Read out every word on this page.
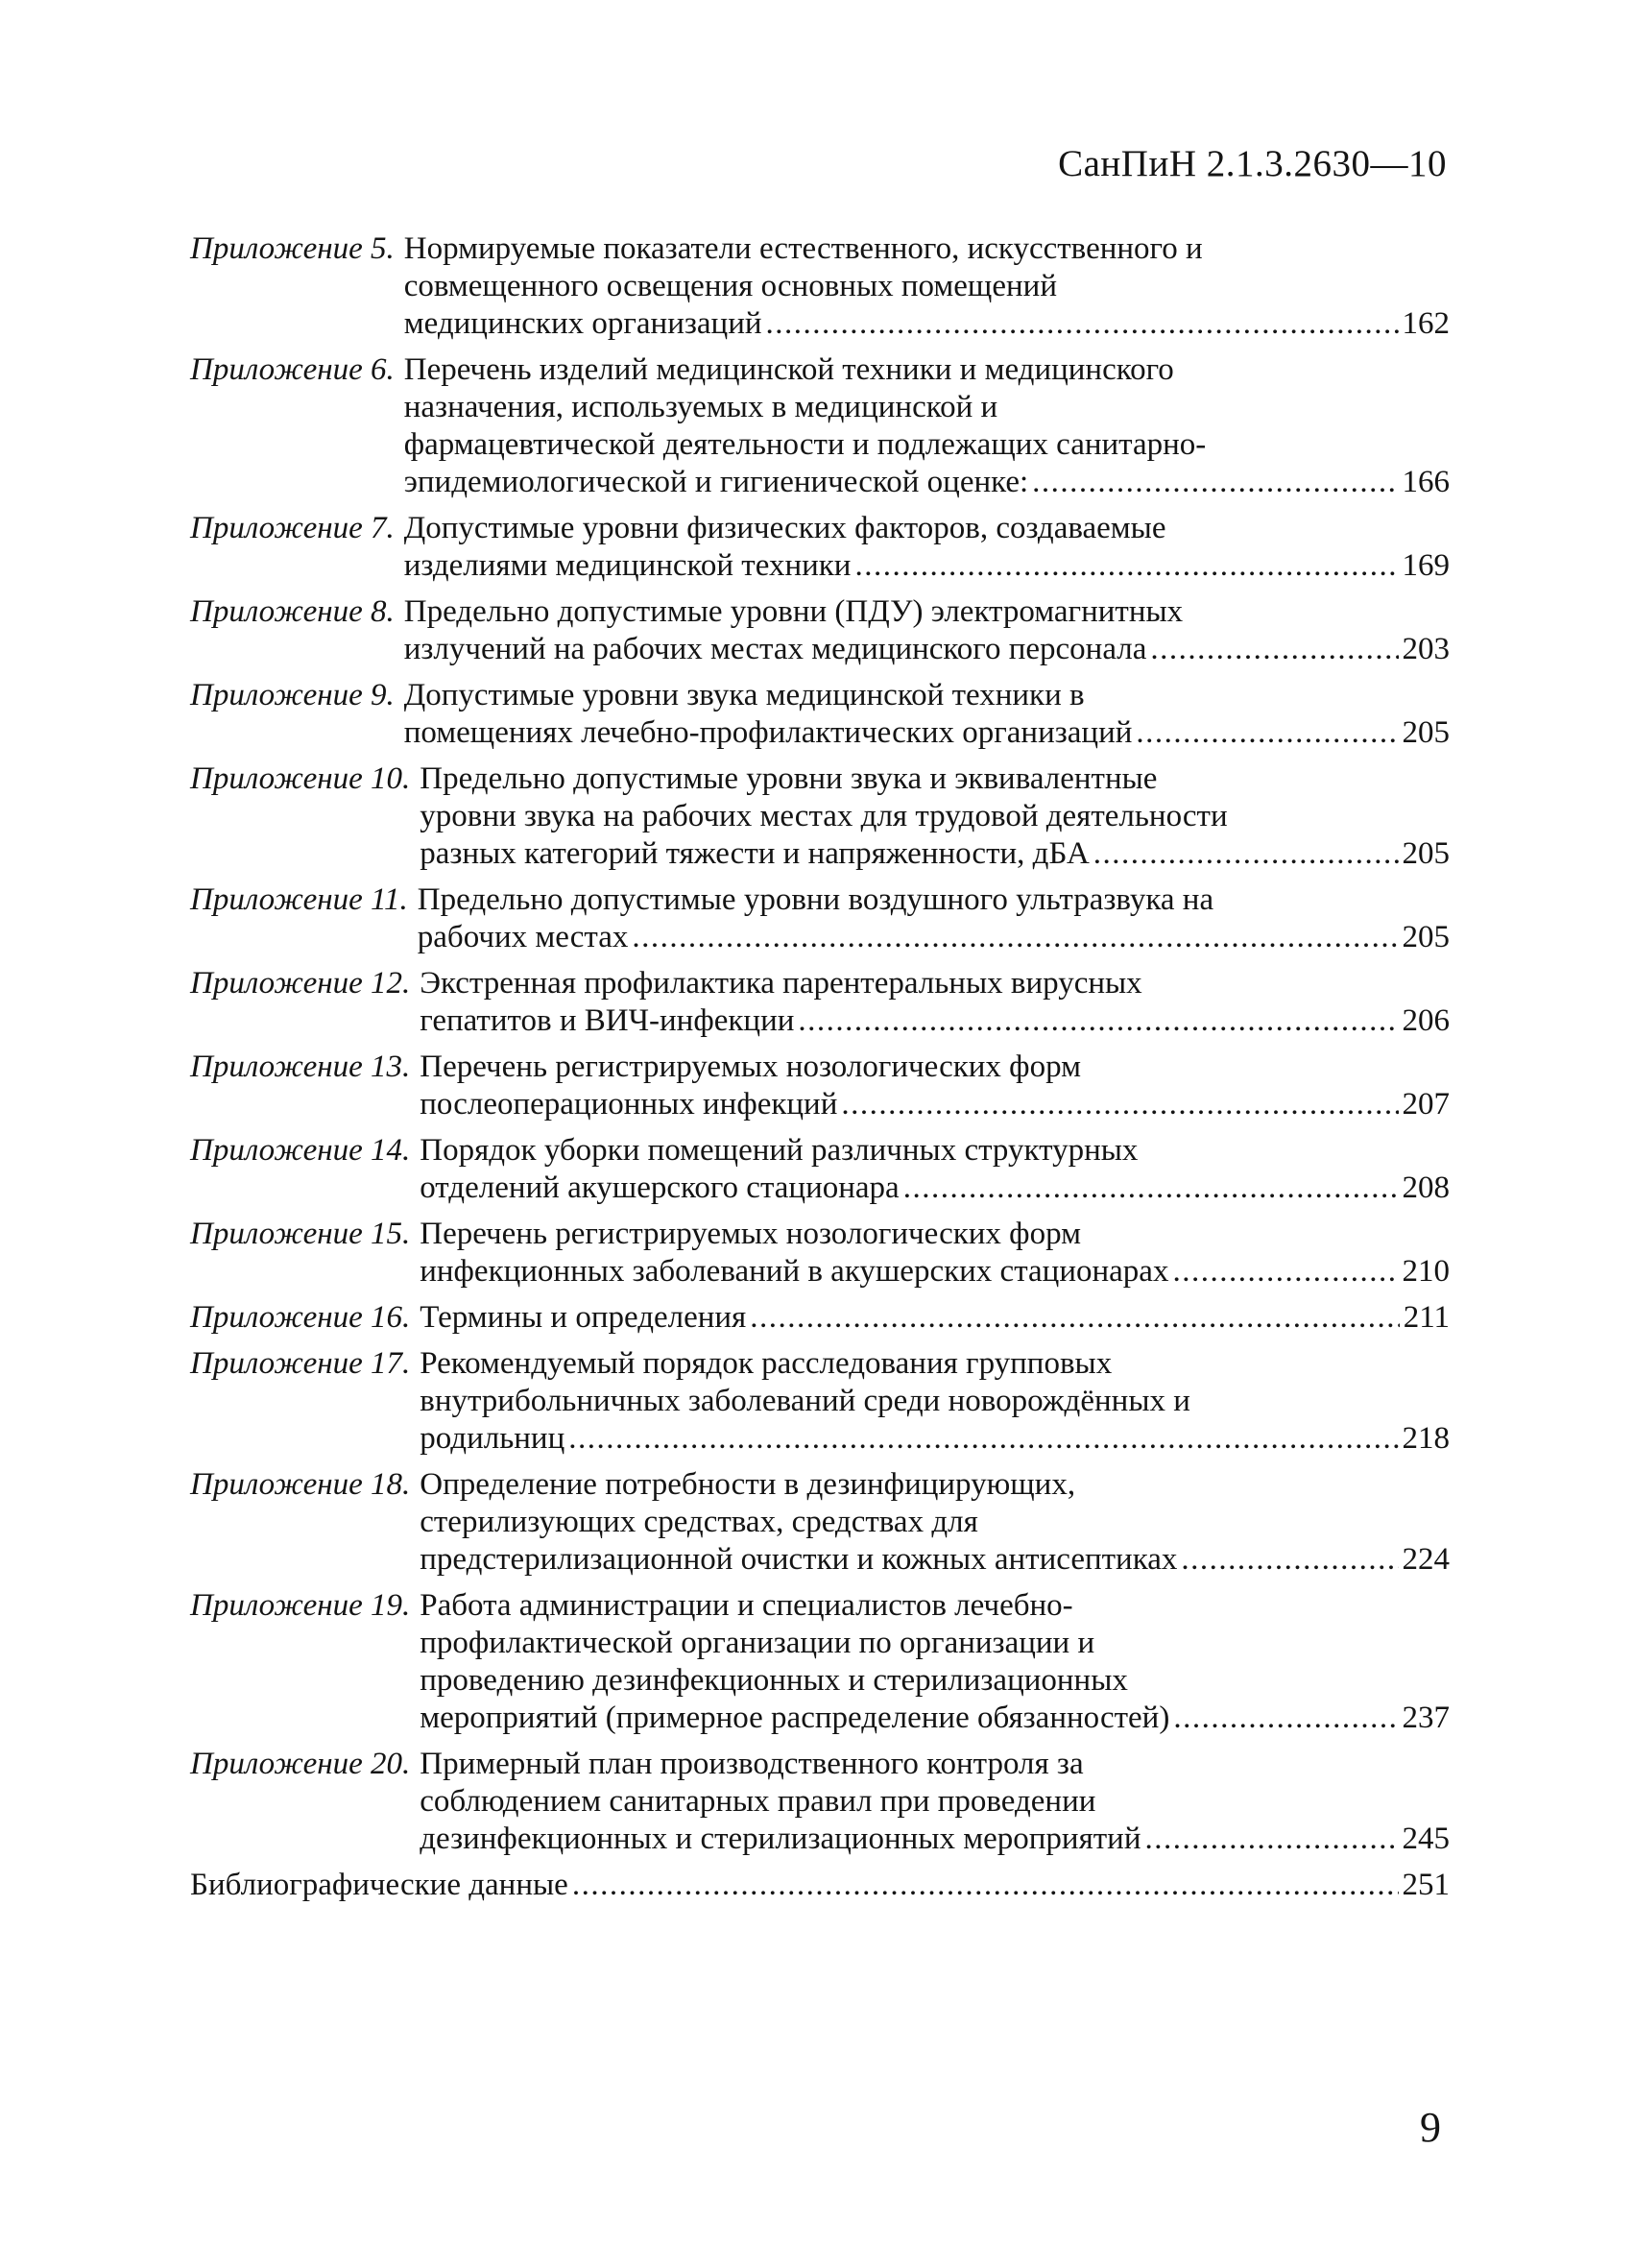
СанПиН 2.1.3.2630—10
Приложение 5. Нормируемые показатели естественного, искусственного и
совмещенного освещения основных помещений
медицинских организаций .....	162
Приложение 6. Перечень изделий медицинской техники и медицинского
назначения, используемых в медицинской и
фармацевтической деятельности и подлежащих санитарно-
эпидемиологической и гигиенической оценке: .....	166
Приложение 7. Допустимые уровни физических факторов, создаваемые
изделиями медицинской техники .....	169
Приложение 8. Предельно допустимые уровни (ПДУ) электромагнитных
излучений на рабочих местах медицинского персонала .....	203
Приложение 9. Допустимые уровни звука медицинской техники в
помещениях лечебно-профилактических организаций .....	205
Приложение 10. Предельно допустимые уровни звука и эквивалентные
уровни звука на рабочих местах для трудовой деятельности
разных категорий тяжести и напряженности, дБА .....	205
Приложение 11. Предельно допустимые уровни воздушного ультразвука на
рабочих местах .....	205
Приложение 12. Экстренная профилактика парентеральных вирусных
гепатитов и ВИЧ-инфекции .....	206
Приложение 13. Перечень регистрируемых нозологических форм
послеоперационных инфекций .....	207
Приложение 14. Порядок уборки помещений различных структурных
отделений акушерского стационара .....	208
Приложение 15. Перечень регистрируемых нозологических форм
инфекционных заболеваний в акушерских стационарах .....	210
Приложение 16. Термины и определения .....	211
Приложение 17. Рекомендуемый порядок расследования групповых
внутрибольничных заболеваний среди новорождённых и
родильниц .....	218
Приложение 18. Определение потребности в дезинфицирующих,
стерилизующих средствах, средствах для
предстерилизационной очистки и кожных антисептиках .....	224
Приложение 19. Работа администрации и специалистов лечебно-
профилактической организации по организации и
проведению дезинфекционных и стерилизационных
мероприятий (примерное распределение обязанностей) .....	237
Приложение 20. Примерный план производственного контроля за
соблюдением санитарных правил при проведении
дезинфекционных и стерилизационных мероприятий .....	245
Библиографические данные .....	251
9
